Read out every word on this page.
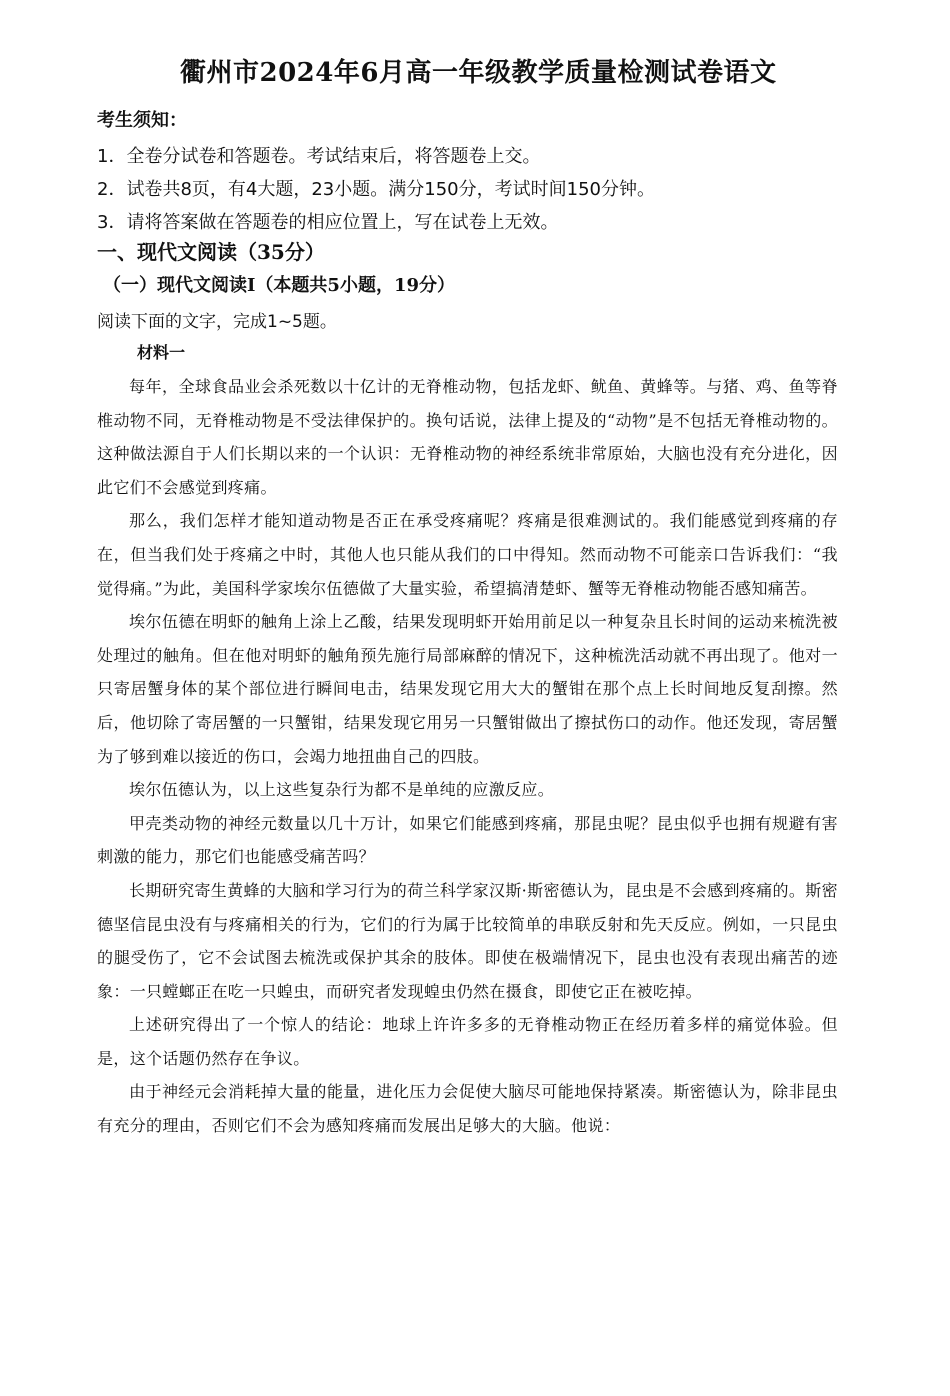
衢州市2024年6月高一年级教学质量检测试卷语文
考生须知：
1．全卷分试卷和答题卷。考试结束后，将答题卷上交。
2．试卷共8页，有4大题，23小题。满分150分，考试时间150分钟。
3．请将答案做在答题卷的相应位置上，写在试卷上无效。
一、现代文阅读（35分）
（一）现代文阅读Ⅰ（本题共5小题，19分）
阅读下面的文字，完成1~5题。
材料一

每年，全球食品业会杀死数以十亿计的无脊椎动物，包括龙虾、鱿鱼、黄蜂等。与猪、鸡、鱼等脊椎动物不同，无脊椎动物是不受法律保护的。换句话说，法律上提及的“动物”是不包括无脊椎动物的。这种做法源自于人们长期以来的一个认识：无脊椎动物的神经系统非常原始，大脑也没有充分进化，因此它们不会感觉到疼痛。

那么，我们怎样才能知道动物是否正在承受疼痛呢？疼痛是很难测试的。我们能感觉到疼痛的存在，但当我们处于疼痛之中时，其他人也只能从我们的口中得知。然而动物不可能亲口告诉我们：“我觉得痛。”为此，美国科学家埃尔伍德做了大量实验，希望搞清楚虾、蟹等无脊椎动物能否感知痛苦。

埃尔伍德在明虾的触角上涂上乙酸，结果发现明虾开始用前足以一种复杂且长时间的运动来梳洗被处理过的触角。但在他对明虾的触角预先施行局部麻醉的情况下，这种梳洗活动就不再出现了。他对一只寄居蟹身体的某个部位进行瞬间电击，结果发现它用大大的蟹钳在那个点上长时间地反复刮擦。然后，他切除了寄居蟹的一只蟹钳，结果发现它用另一只蟹钳做出了擦拭伤口的动作。他还发现，寄居蟹为了够到难以接近的伤口，会竭力地扭曲自己的四肢。

埃尔伍德认为，以上这些复杂行为都不是单纯的应激反应。

甲壳类动物的神经元数量以几十万计，如果它们能感到疼痛，那昆虫呢？昆虫似乎也拥有规避有害刺激的能力，那它们也能感受痛苦吗？

长期研究寄生黄蜂的大脑和学习行为的荷兰科学家汉斯·斯密德认为，昆虫是不会感到疼痛的。斯密德坚信昆虫没有与疼痛相关的行为，它们的行为属于比较简单的串联反射和先天反应。例如，一只昆虫的腿受伤了，它不会试图去梳洗或保护其余的肢体。即使在极端情况下，昆虫也没有表现出痛苦的迹象：一只螳螂正在吃一只蝗虫，而研究者发现蝗虫仍然在摄食，即使它正在被吃掉。

上述研究得出了一个惊人的结论：地球上许许多多的无脊椎动物正在经历着多样的痛觉体验。但是，这个话题仍然存在争议。

由于神经元会消耗掉大量的能量，进化压力会促使大脑尽可能地保持紧凑。斯密德认为，除非昆虫有充分的理由，否则它们不会为感知疼痛而发展出足够大的大脑。他说：
